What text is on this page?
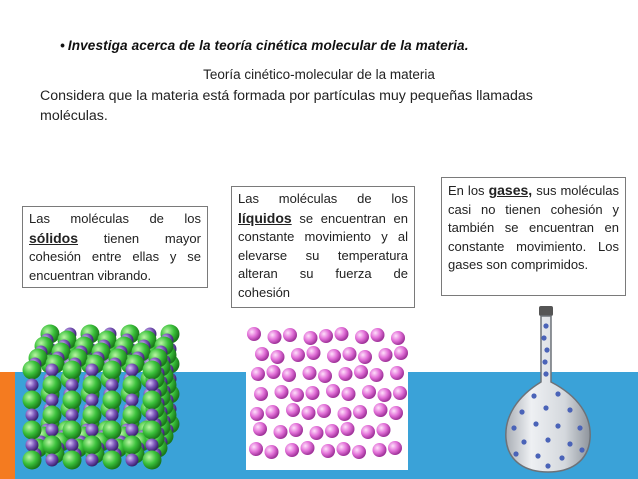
• Investiga acerca de la teoría cinética molecular de la materia.
Teoría cinético-molecular de la materia
Considera que la materia está formada por partículas muy pequeñas llamadas moléculas.
Las moléculas de los sólidos tienen mayor cohesión entre ellas y se encuentran vibrando.
Las moléculas de los líquidos se encuentran en constante movimiento y al elevarse su temperatura alteran su fuerza de cohesión
En los gases, sus moléculas casi no tienen cohesión y también se encuentran en constante movimiento. Los gases son comprimidos.
